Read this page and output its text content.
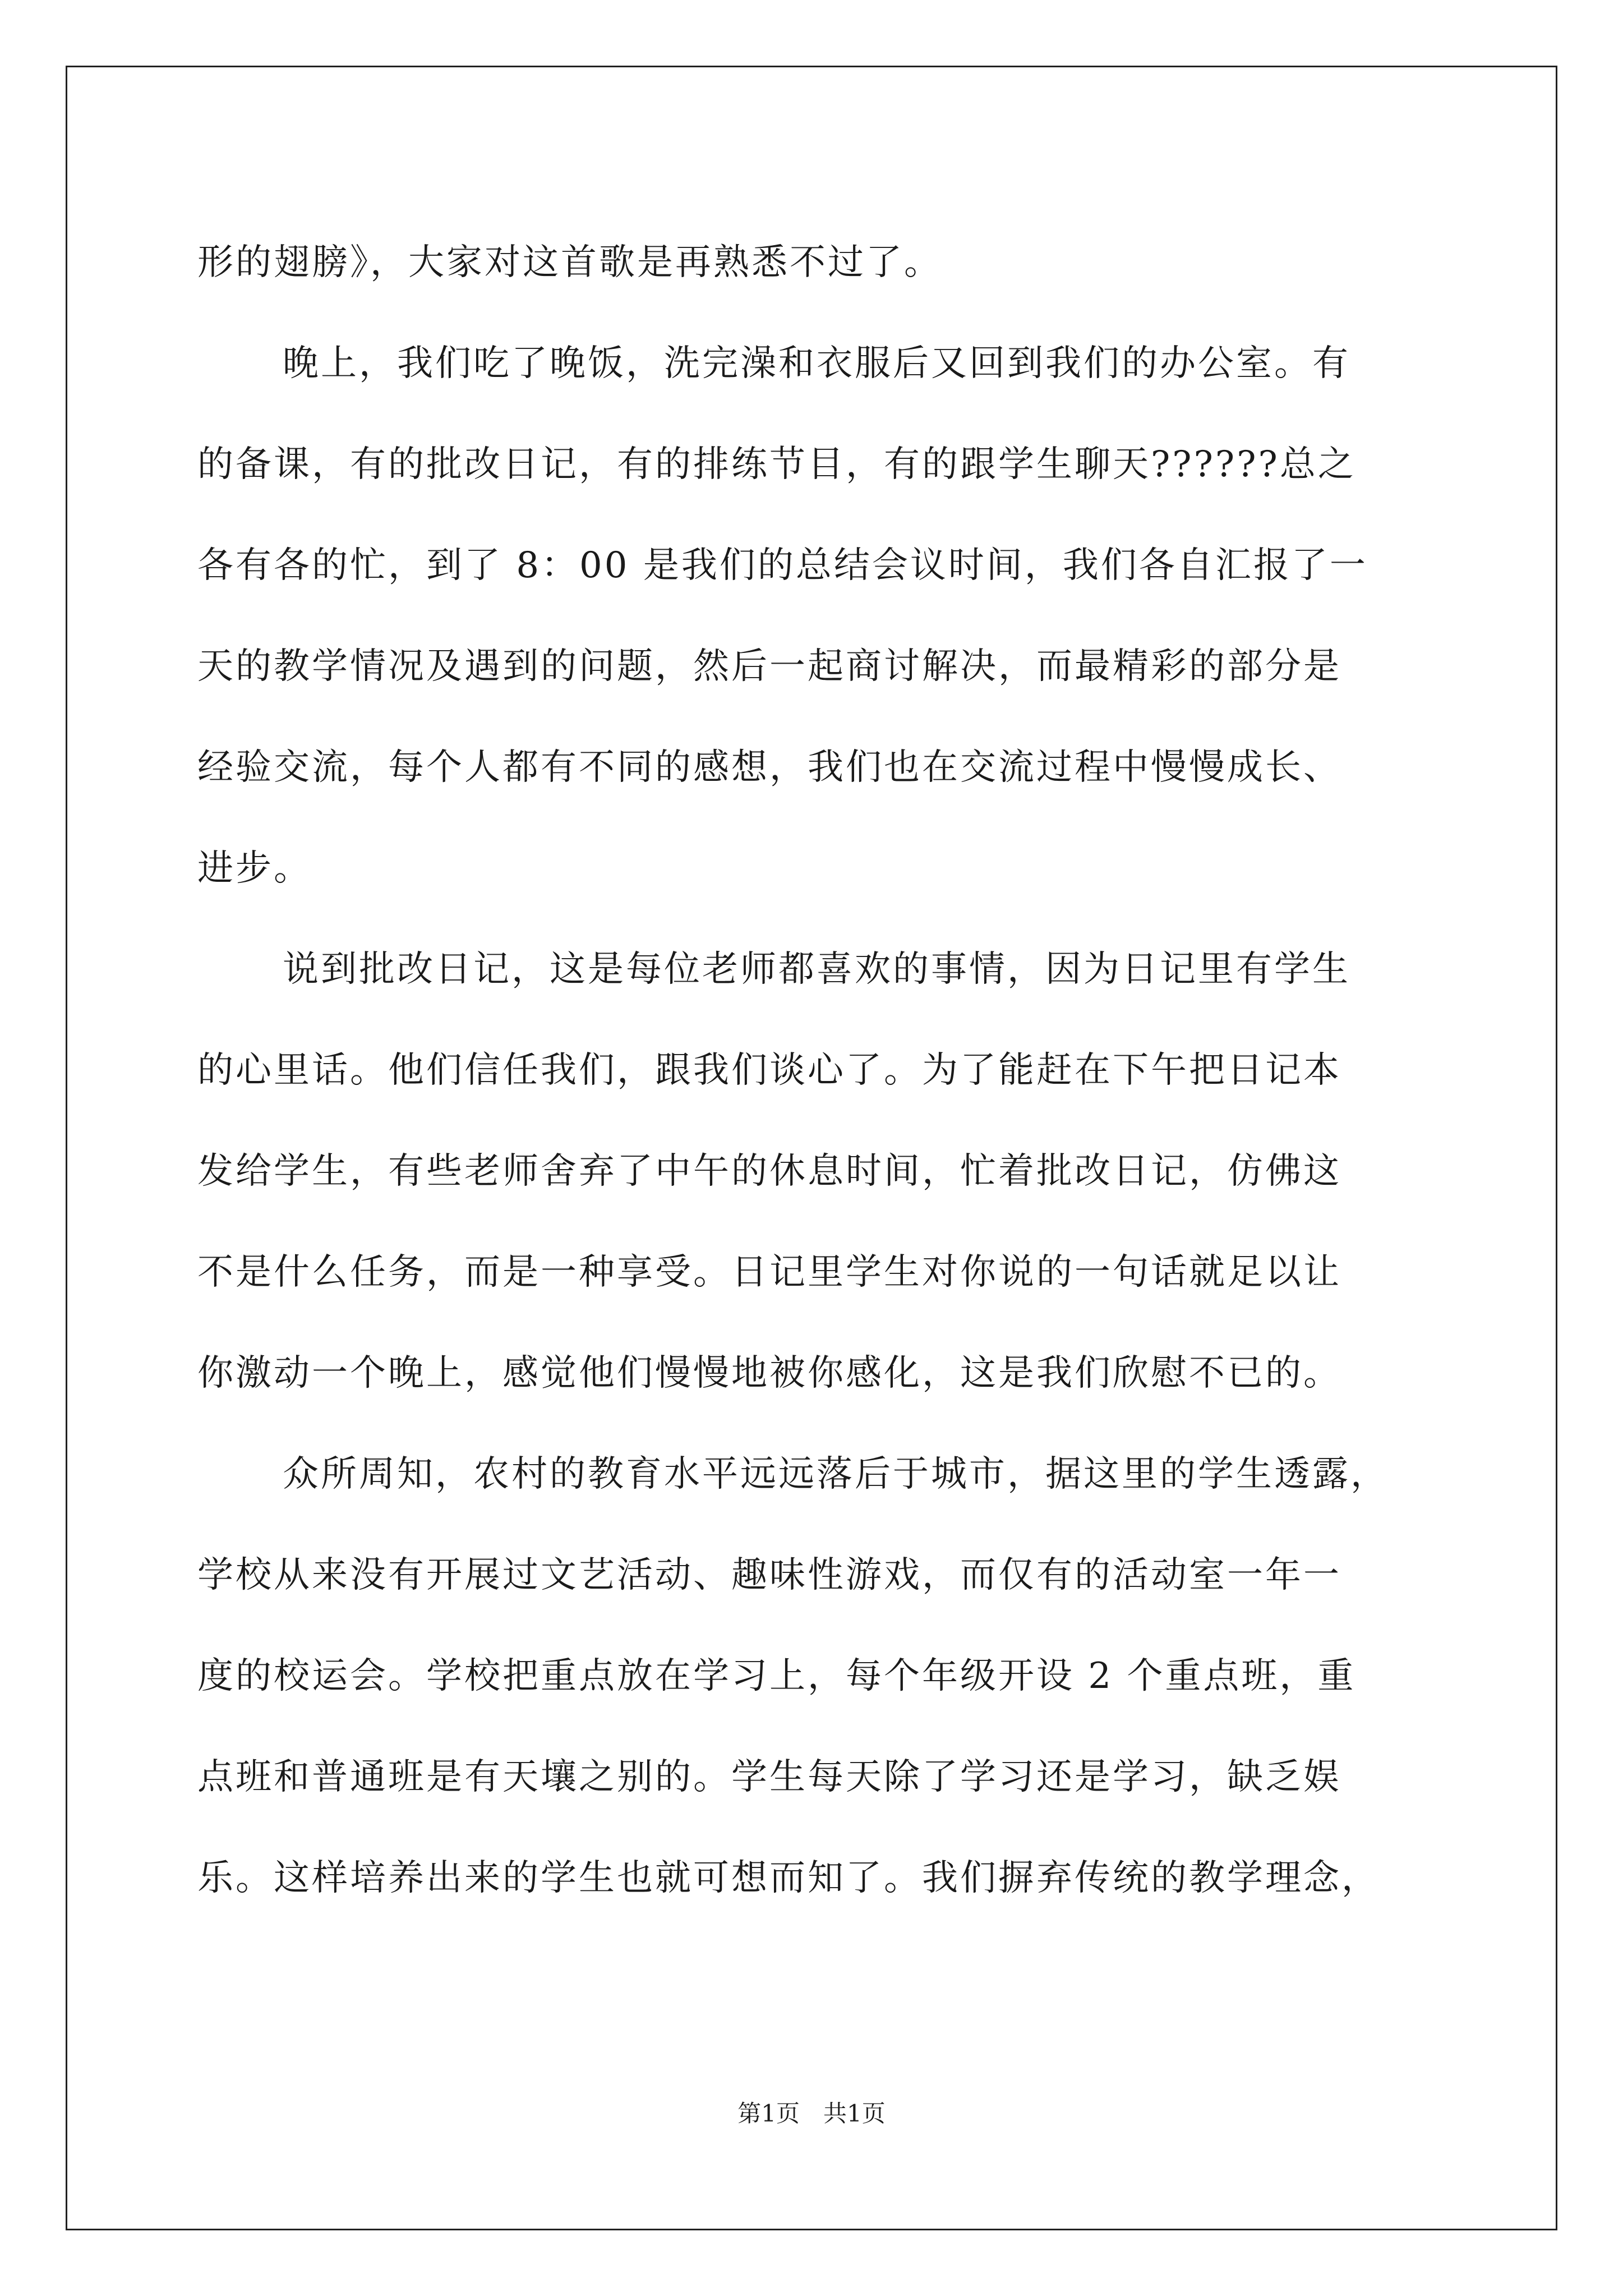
形的翅膀》，大家对这首歌是再熟悉不过了。
晚上，我们吃了晚饭，洗完澡和衣服后又回到我们的办公室。有
的备课，有的批改日记，有的排练节目，有的跟学生聊天??????总之
各有各的忙，到了 8：00 是我们的总结会议时间，我们各自汇报了一
天的教学情况及遇到的问题，然后一起商讨解决，而最精彩的部分是
经验交流，每个人都有不同的感想，我们也在交流过程中慢慢成长、
进步。
说到批改日记，这是每位老师都喜欢的事情，因为日记里有学生
的心里话。他们信任我们，跟我们谈心了。为了能赶在下午把日记本
发给学生，有些老师舍弃了中午的休息时间，忙着批改日记，仿佛这
不是什么任务，而是一种享受。日记里学生对你说的一句话就足以让
你激动一个晚上，感觉他们慢慢地被你感化，这是我们欣慰不已的。
众所周知，农村的教育水平远远落后于城市，据这里的学生透露，
学校从来没有开展过文艺活动、趣味性游戏，而仅有的活动室一年一
度的校运会。学校把重点放在学习上，每个年级开设 2 个重点班，重
点班和普通班是有天壤之别的。学生每天除了学习还是学习，缺乏娱
乐。这样培养出来的学生也就可想而知了。我们摒弃传统的教学理念，
第1页　共1页
